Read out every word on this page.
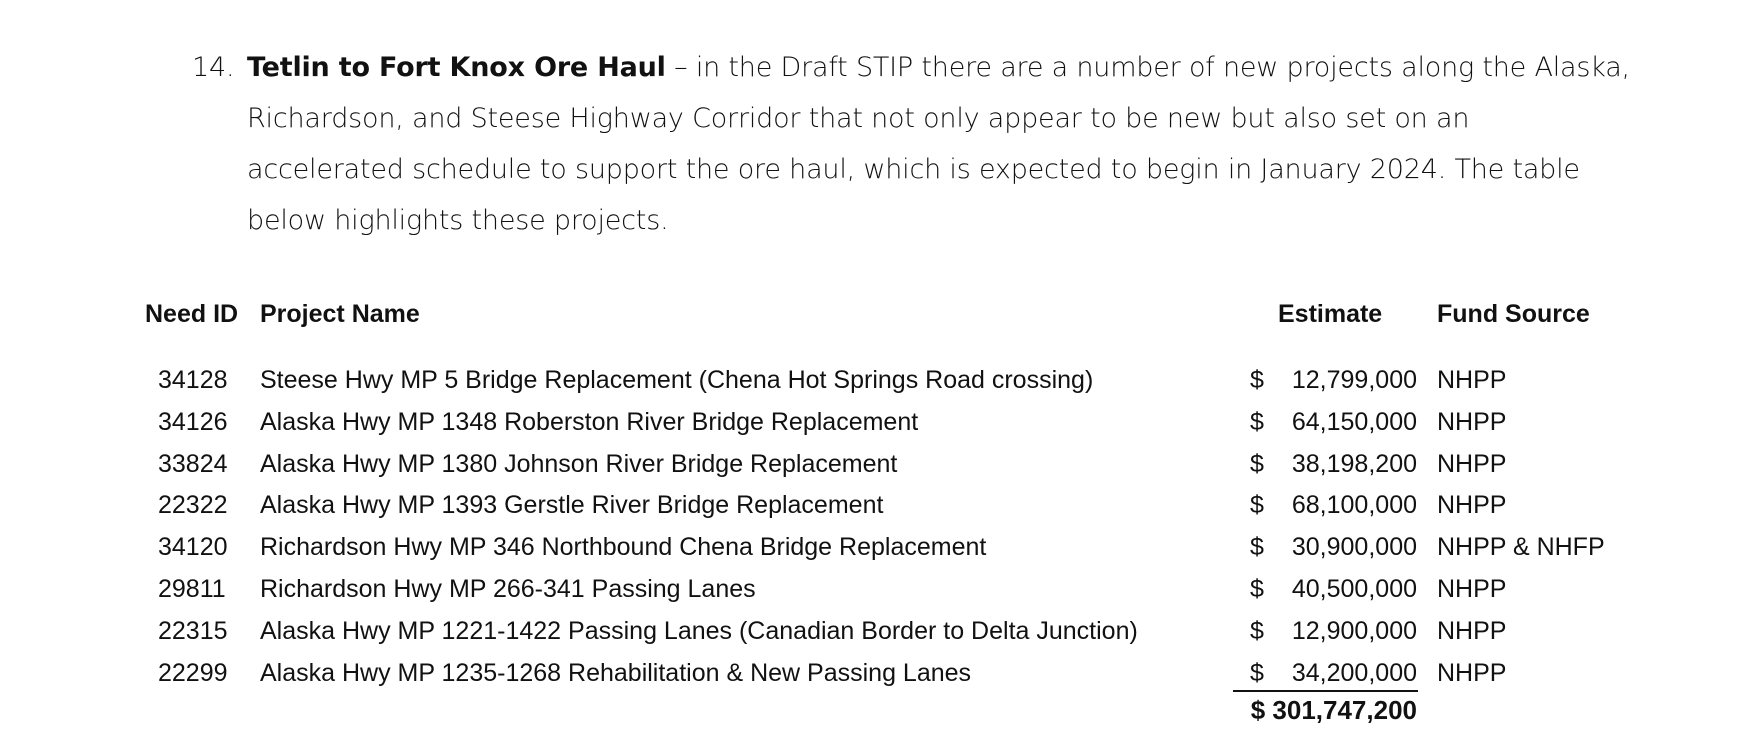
14. Tetlin to Fort Knox Ore Haul – in the Draft STIP there are a number of new projects along the Alaska, Richardson, and Steese Highway Corridor that not only appear to be new but also set on an accelerated schedule to support the ore haul, which is expected to begin in January 2024. The table below highlights these projects.
Need ID Project Name	Estimate Fund Source
34128 Steese Hwy MP 5 Bridge Replacement (Chena Hot Springs Road crossing)	$ 12,799,000 NHPP
34126 Alaska Hwy MP 1348 Roberston River Bridge Replacement	$ 64,150,000 NHPP
33824 Alaska Hwy MP 1380 Johnson River Bridge Replacement	$ 38,198,200 NHPP
22322 Alaska Hwy MP 1393 Gerstle River Bridge Replacement	$ 68,100,000 NHPP
34120 Richardson Hwy MP 346 Northbound Chena Bridge Replacement	$ 30,900,000 NHPP & NHFP
29811 Richardson Hwy MP 266-341 Passing Lanes	$ 40,500,000 NHPP
22315 Alaska Hwy MP 1221-1422 Passing Lanes (Canadian Border to Delta Junction)	$ 12,900,000 NHPP
22299 Alaska Hwy MP 1235-1268 Rehabilitation & New Passing Lanes	$ 34,200,000 NHPP
$ 301,747,200
